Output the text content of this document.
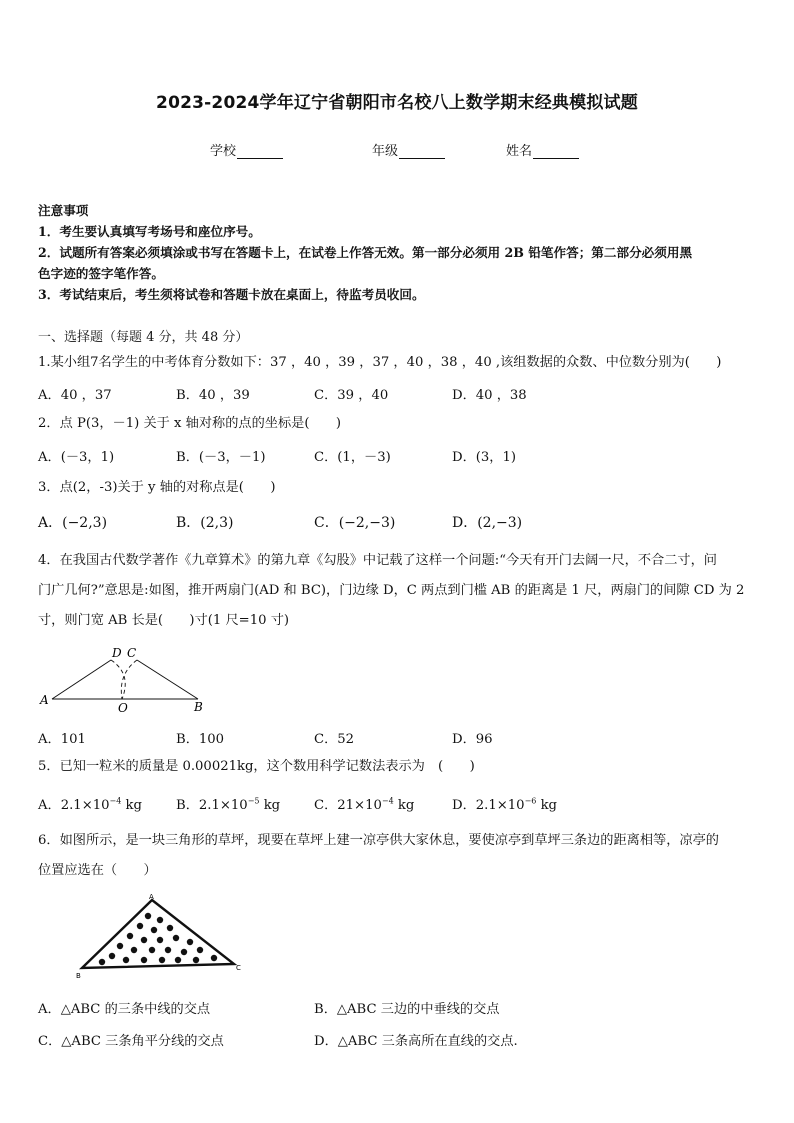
2023-2024学年辽宁省朝阳市名校八上数学期末经典模拟试题
学校	年级	姓名
注意事项
1．考生要认真填写考场号和座位序号。
2．试题所有答案必须填涂或书写在答题卡上，在试卷上作答无效。第一部分必须用 2B 铅笔作答；第二部分必须用黑
色字迹的签字笔作答。
3．考试结束后，考生须将试卷和答题卡放在桌面上，待监考员收回。
一、选择题（每题 4 分，共 48 分）
1.某小组7名学生的中考体育分数如下：37 ，40 ，39 ，37 ，40 ，38 ，40 ,该组数据的众数、中位数分别为(　　)
A．40 ，37	B．40 ，39	C．39 ，40	D．40 ，38
2．点 P(3，－1) 关于 x 轴对称的点的坐标是(　　)
A．(－3，1)	B．(－3，－1)	C．(1，－3)	D．(3，1)
3．点(2，-3)关于 y 轴的对称点是(　　)
A．(−2,3)	B．(2,3)	C．(−2,−3)	D．(2,−3)
4．在我国古代数学著作《九章算术》的第九章《勾股》中记载了这样一个问题:“今天有开门去阔一尺，不合二寸，问
门广几何?”意思是:如图，推开两扇门(AD 和 BC)，门边缘 D，C 两点到门槛 AB 的距离是 1 尺，两扇门的间隙 CD 为 2
寸，则门宽 AB 长是(　　)寸(1 尺=10 寸)
A	B
D C
O
A．101	B．100	C．52	D．96
5．已知一粒米的质量是 0.00021kg，这个数用科学记数法表示为　(　　)
A．$2.1\times 10^{-4}$ kg	B．$2.1\times 10^{-5}$ kg	C．$21\times 10^{-4}$ kg	D．$2.1\times 10^{-6}$ kg
6．如图所示，是一块三角形的草坪，现要在草坪上建一凉亭供大家休息，要使凉亭到草坪三条边的距离相等，凉亭的
位置应选在（　　）
A
B
C
A．△ABC 的三条中线的交点	B．△ABC 三边的中垂线的交点
C．△ABC 三条角平分线的交点	D．△ABC 三条高所在直线的交点.
